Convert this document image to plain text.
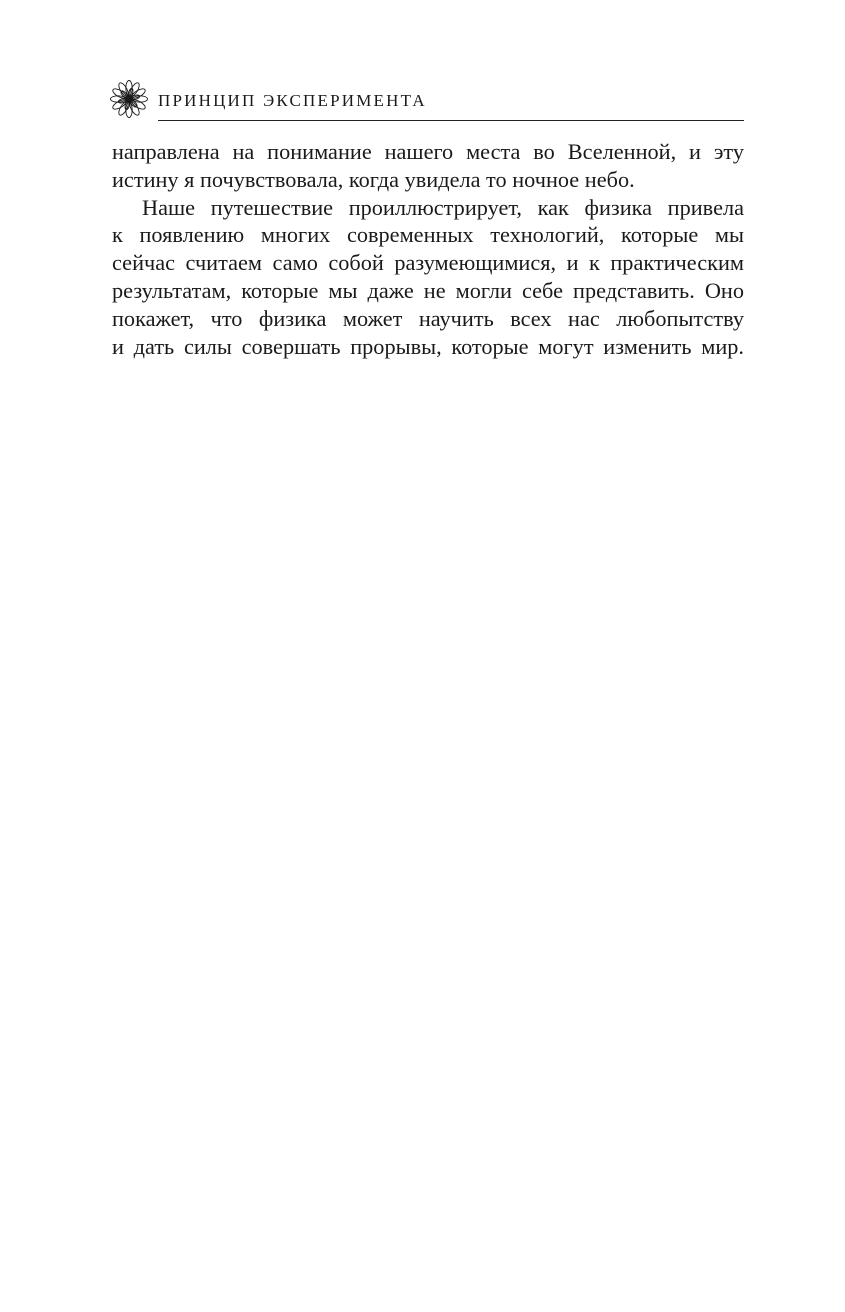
ПРИНЦИП ЭКСПЕРИМЕНТА

направлена на понимание нашего места во Вселенной, и эту
истину я почувствовала, когда увидела то ночное небо.

Наше путешествие проиллюстрирует, как физика привела
к появлению многих современных технологий, которые мы
сейчас считаем само собой разумеющимися, и к практическим
результатам, которые мы даже не могли себе представить. Оно
покажет, что физика может научить всех нас любопытству
и дать силы совершать прорывы, которые могут изменить мир.
